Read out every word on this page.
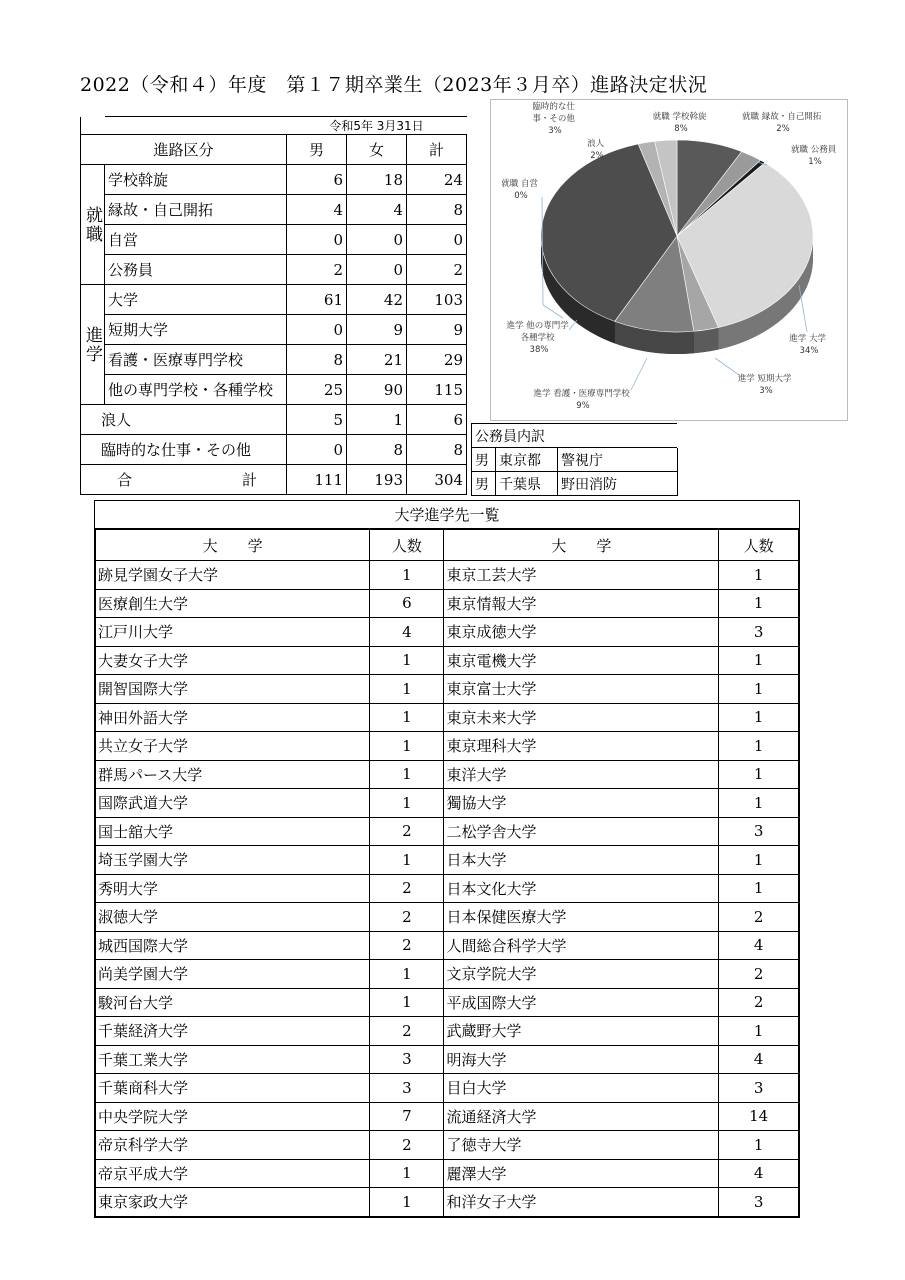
2022（令和４）年度　第１７期卒業生（2023年３月卒）進路決定状況
		令和5年 3月31日		
進路区分		男	女	計
就職	学校斡旋	6	18	24
	縁故・自己開拓	4	4	8
	自営	0	0	0
	公務員	2	0	2
進学	大学	61	42	103
	短期大学	0	9	9
	看護・医療専門学校	8	21	29
	他の専門学校・各種学校	25	90	115
浪人		5	1	6
臨時的な仕事・その他		0	8	8
合 計		111	193	304
臨時的な仕 事・その他 3%
浪人 2%
就職 学校斡旋 8%
就職 縁故・自己開拓 2%
就職 公務員 1%
就職 自営 0%
進学 大学 34%
進学 短期大学 3%
進学 看護・医療専門学校 9%
進学 他の専門学 各種学校 38%
公務員内訳		
男	東京都	警視庁
男	千葉県	野田消防
大学進学先一覧
大　　学	人数	大　　学	人数
跡見学園女子大学	1	東京工芸大学	1
医療創生大学	6	東京情報大学	1
江戸川大学	4	東京成徳大学	3
大妻女子大学	1	東京電機大学	1
開智国際大学	1	東京富士大学	1
神田外語大学	1	東京未来大学	1
共立女子大学	1	東京理科大学	1
群馬パース大学	1	東洋大学	1
国際武道大学	1	獨協大学	1
国士舘大学	2	二松学舎大学	3
埼玉学園大学	1	日本大学	1
秀明大学	2	日本文化大学	1
淑徳大学	2	日本保健医療大学	2
城西国際大学	2	人間総合科学大学	4
尚美学園大学	1	文京学院大学	2
駿河台大学	1	平成国際大学	2
千葉経済大学	2	武蔵野大学	1
千葉工業大学	3	明海大学	4
千葉商科大学	3	目白大学	3
中央学院大学	7	流通経済大学	14
帝京科学大学	2	了徳寺大学	1
帝京平成大学	1	麗澤大学	4
東京家政大学	1	和洋女子大学	3
